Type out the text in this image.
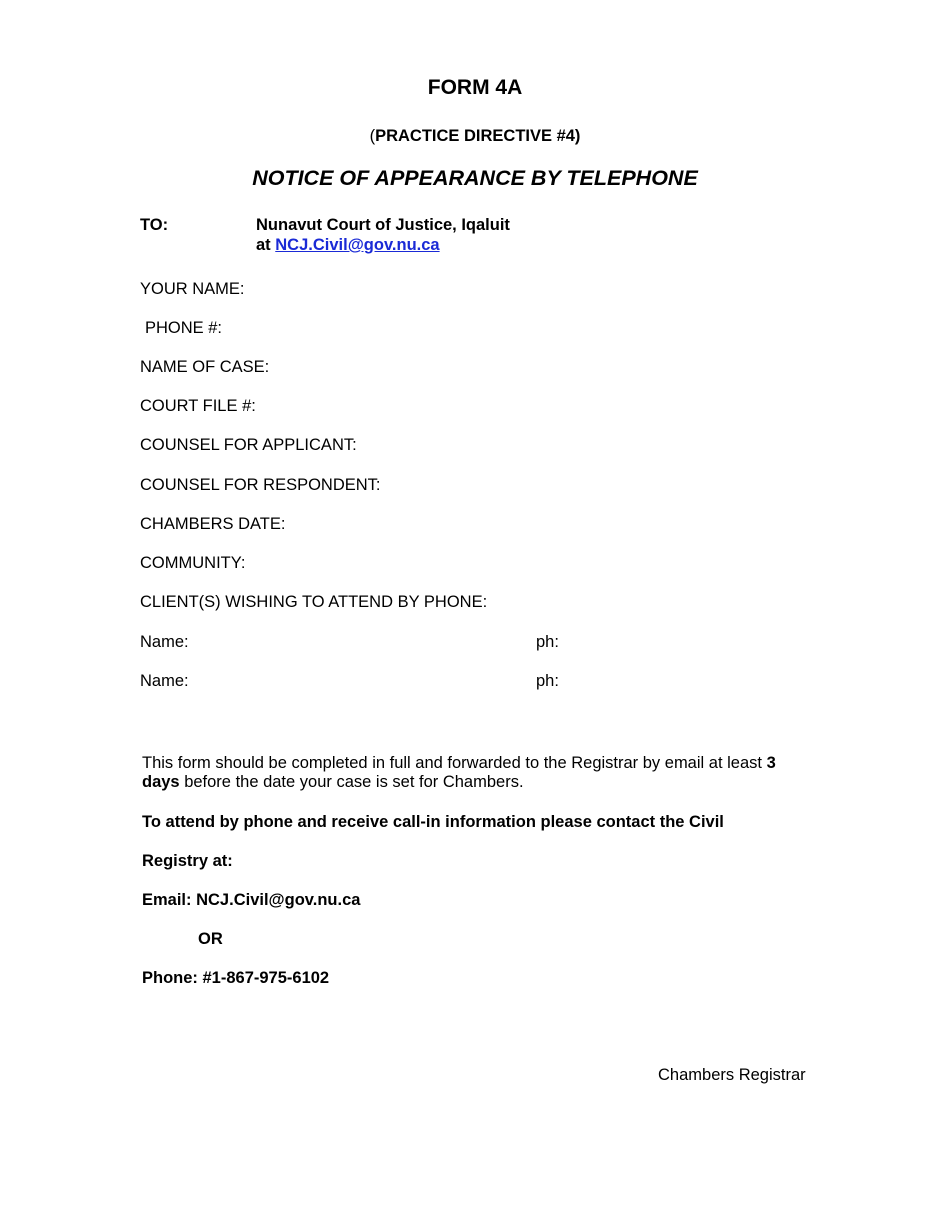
FORM 4A
(PRACTICE DIRECTIVE #4)
NOTICE OF APPEARANCE BY TELEPHONE
TO:	Nunavut Court of Justice, Iqaluit
at NCJ.Civil@gov.nu.ca
YOUR NAME:
PHONE #:
NAME OF CASE:
COURT FILE #:
COUNSEL FOR APPLICANT:
COUNSEL FOR RESPONDENT:
CHAMBERS DATE:
COMMUNITY:
CLIENT(S) WISHING TO ATTEND BY PHONE:
Name:	ph:
Name:	ph:
This form should be completed in full and forwarded to the Registrar by email at least 3
days before the date your case is set for Chambers.
To attend by phone and receive call-in information please contact the Civil
Registry at:
Email: NCJ.Civil@gov.nu.ca
OR
Phone: #1-867-975-6102
Chambers Registrar
